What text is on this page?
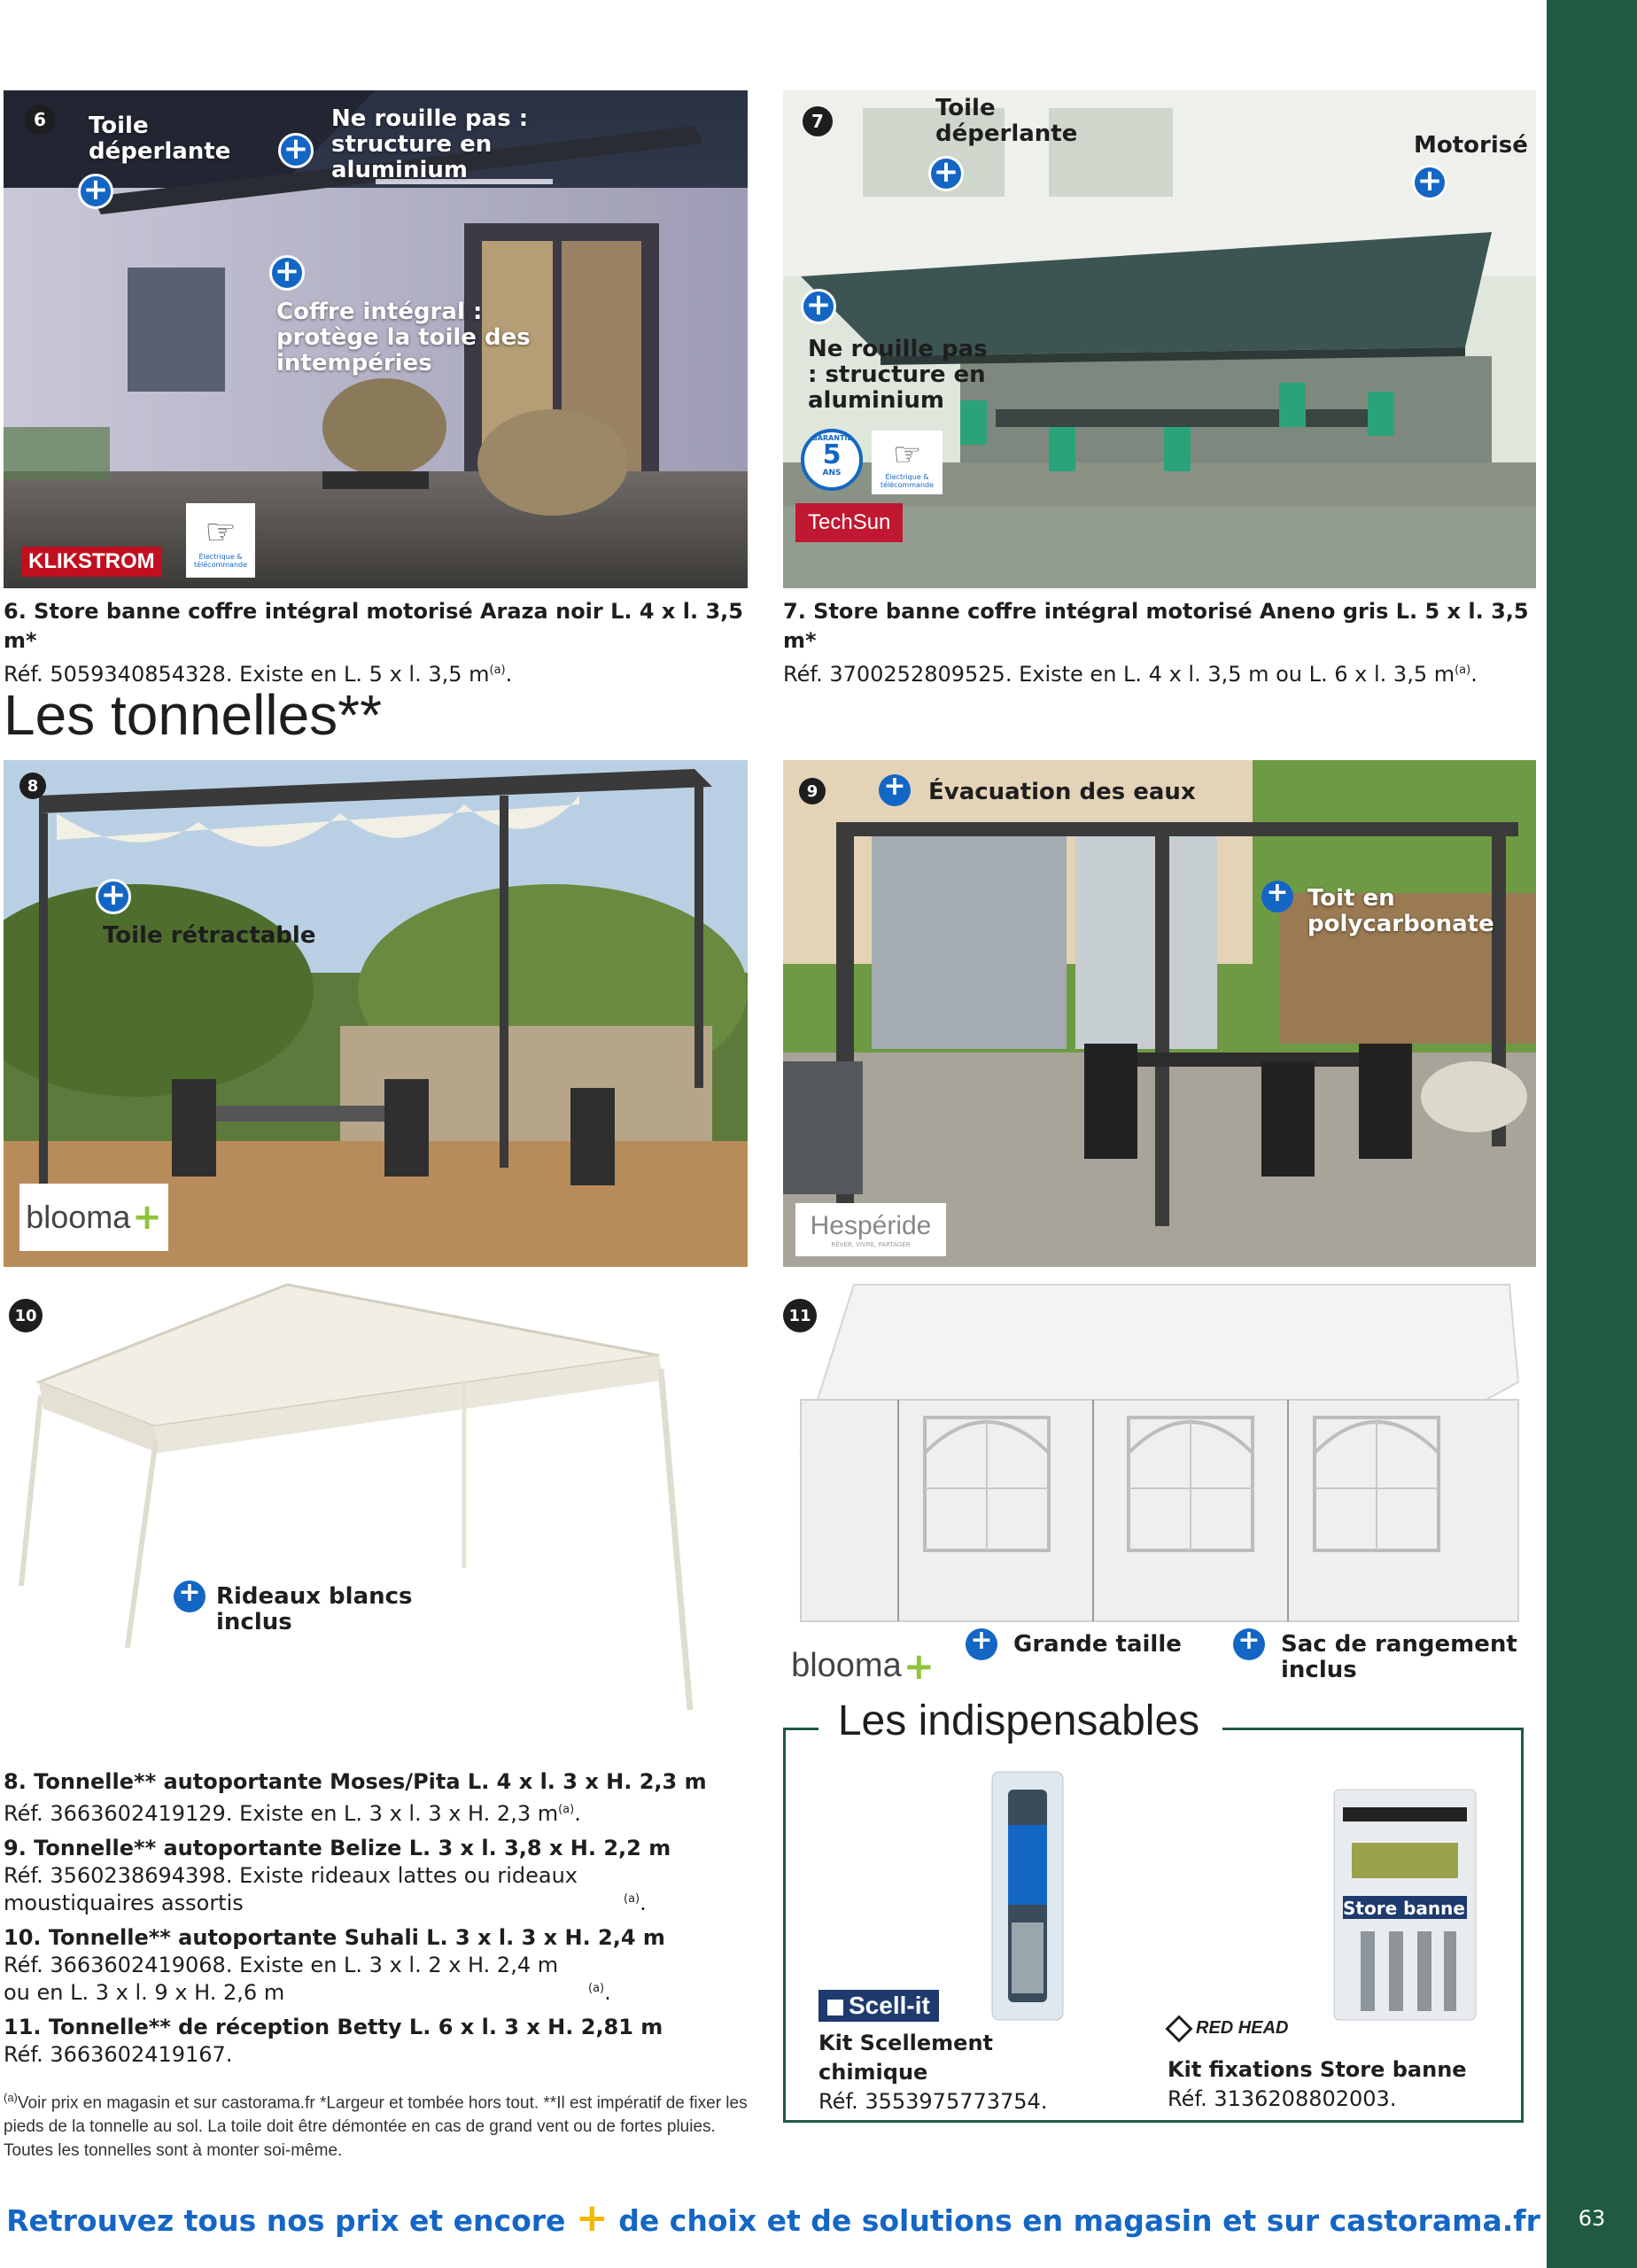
63
6	Toile déperlante
+
+
Ne rouille pas : structure en aluminium
+
Coffre intégral : protège la toile des intempéries
KLIKSTROM
☞
Électrique & télécommande
6. Store banne coffre intégral motorisé Araza noir L. 4 x l. 3,5 m*
Réf. 5059340854328. Existe en L. 5 x l. 3,5 $m^{(a)}$.
7	Toile déperlante
+
Motorisé
+
+
Ne rouille pas : structure en aluminium
GARANTIE
5
ANS
☞
Électrique & télécommande
TechSun
7. Store banne coffre intégral motorisé Aneno gris L. 5 x l. 3,5 m*
Réf. 3700252809525. Existe en L. 4 x l. 3,5 m ou L. 6 x l. 3,5 $m^{(a)}$.
Les tonnelles**
8
+
Toile rétractable
blooma +
9 + Évacuation des eaux
+ Toit en polycarbonate
Hespéride
RÊVER, VIVRE, PARTAGER
10
+ Rideaux blancs inclus
11
blooma +
+ Grande taille	+ Sac de rangement inclus
8. Tonnelle** autoportante Moses/Pita L. 4 x l. 3 x H. 2,3 m
Réf. 3663602419129. Existe en L. 3 x l. 3 x H. 2,3 $m^{(a)}$.
9. Tonnelle** autoportante Belize L. 3 x l. 3,8 x H. 2,2 m
Réf. 3560238694398. Existe rideaux lattes ou rideaux moustiquaires assortis	$^{(a)}$.
10. Tonnelle** autoportante Suhali L. 3 x l. 3 x H. 2,4 m
Réf. 3663602419068. Existe en L. 3 x l. 2 x H. 2,4 m ou en L. 3 x l. 9 x H. 2,6 m	$^{(a)}$.
11. Tonnelle** de réception Betty L. 6 x l. 3 x H. 2,81 m
Réf. 3663602419167.
$^{(a)}$Voir prix en magasin et sur castorama.fr *Largeur et tombée hors tout. **Il est impératif de fixer les pieds de la tonnelle au sol. La toile doit être démontée en cas de grand vent ou de fortes pluies. Toutes les tonnelles sont à monter soi-même.
Les indispensables
Scell-it
Kit Scellement chimique
Réf. 3553975773754.
Store banne
RED HEAD
Kit fixations Store banne
Réf. 3136208802003.
Retrouvez tous nos prix et encore + de choix et de solutions en magasin et sur castorama.fr
